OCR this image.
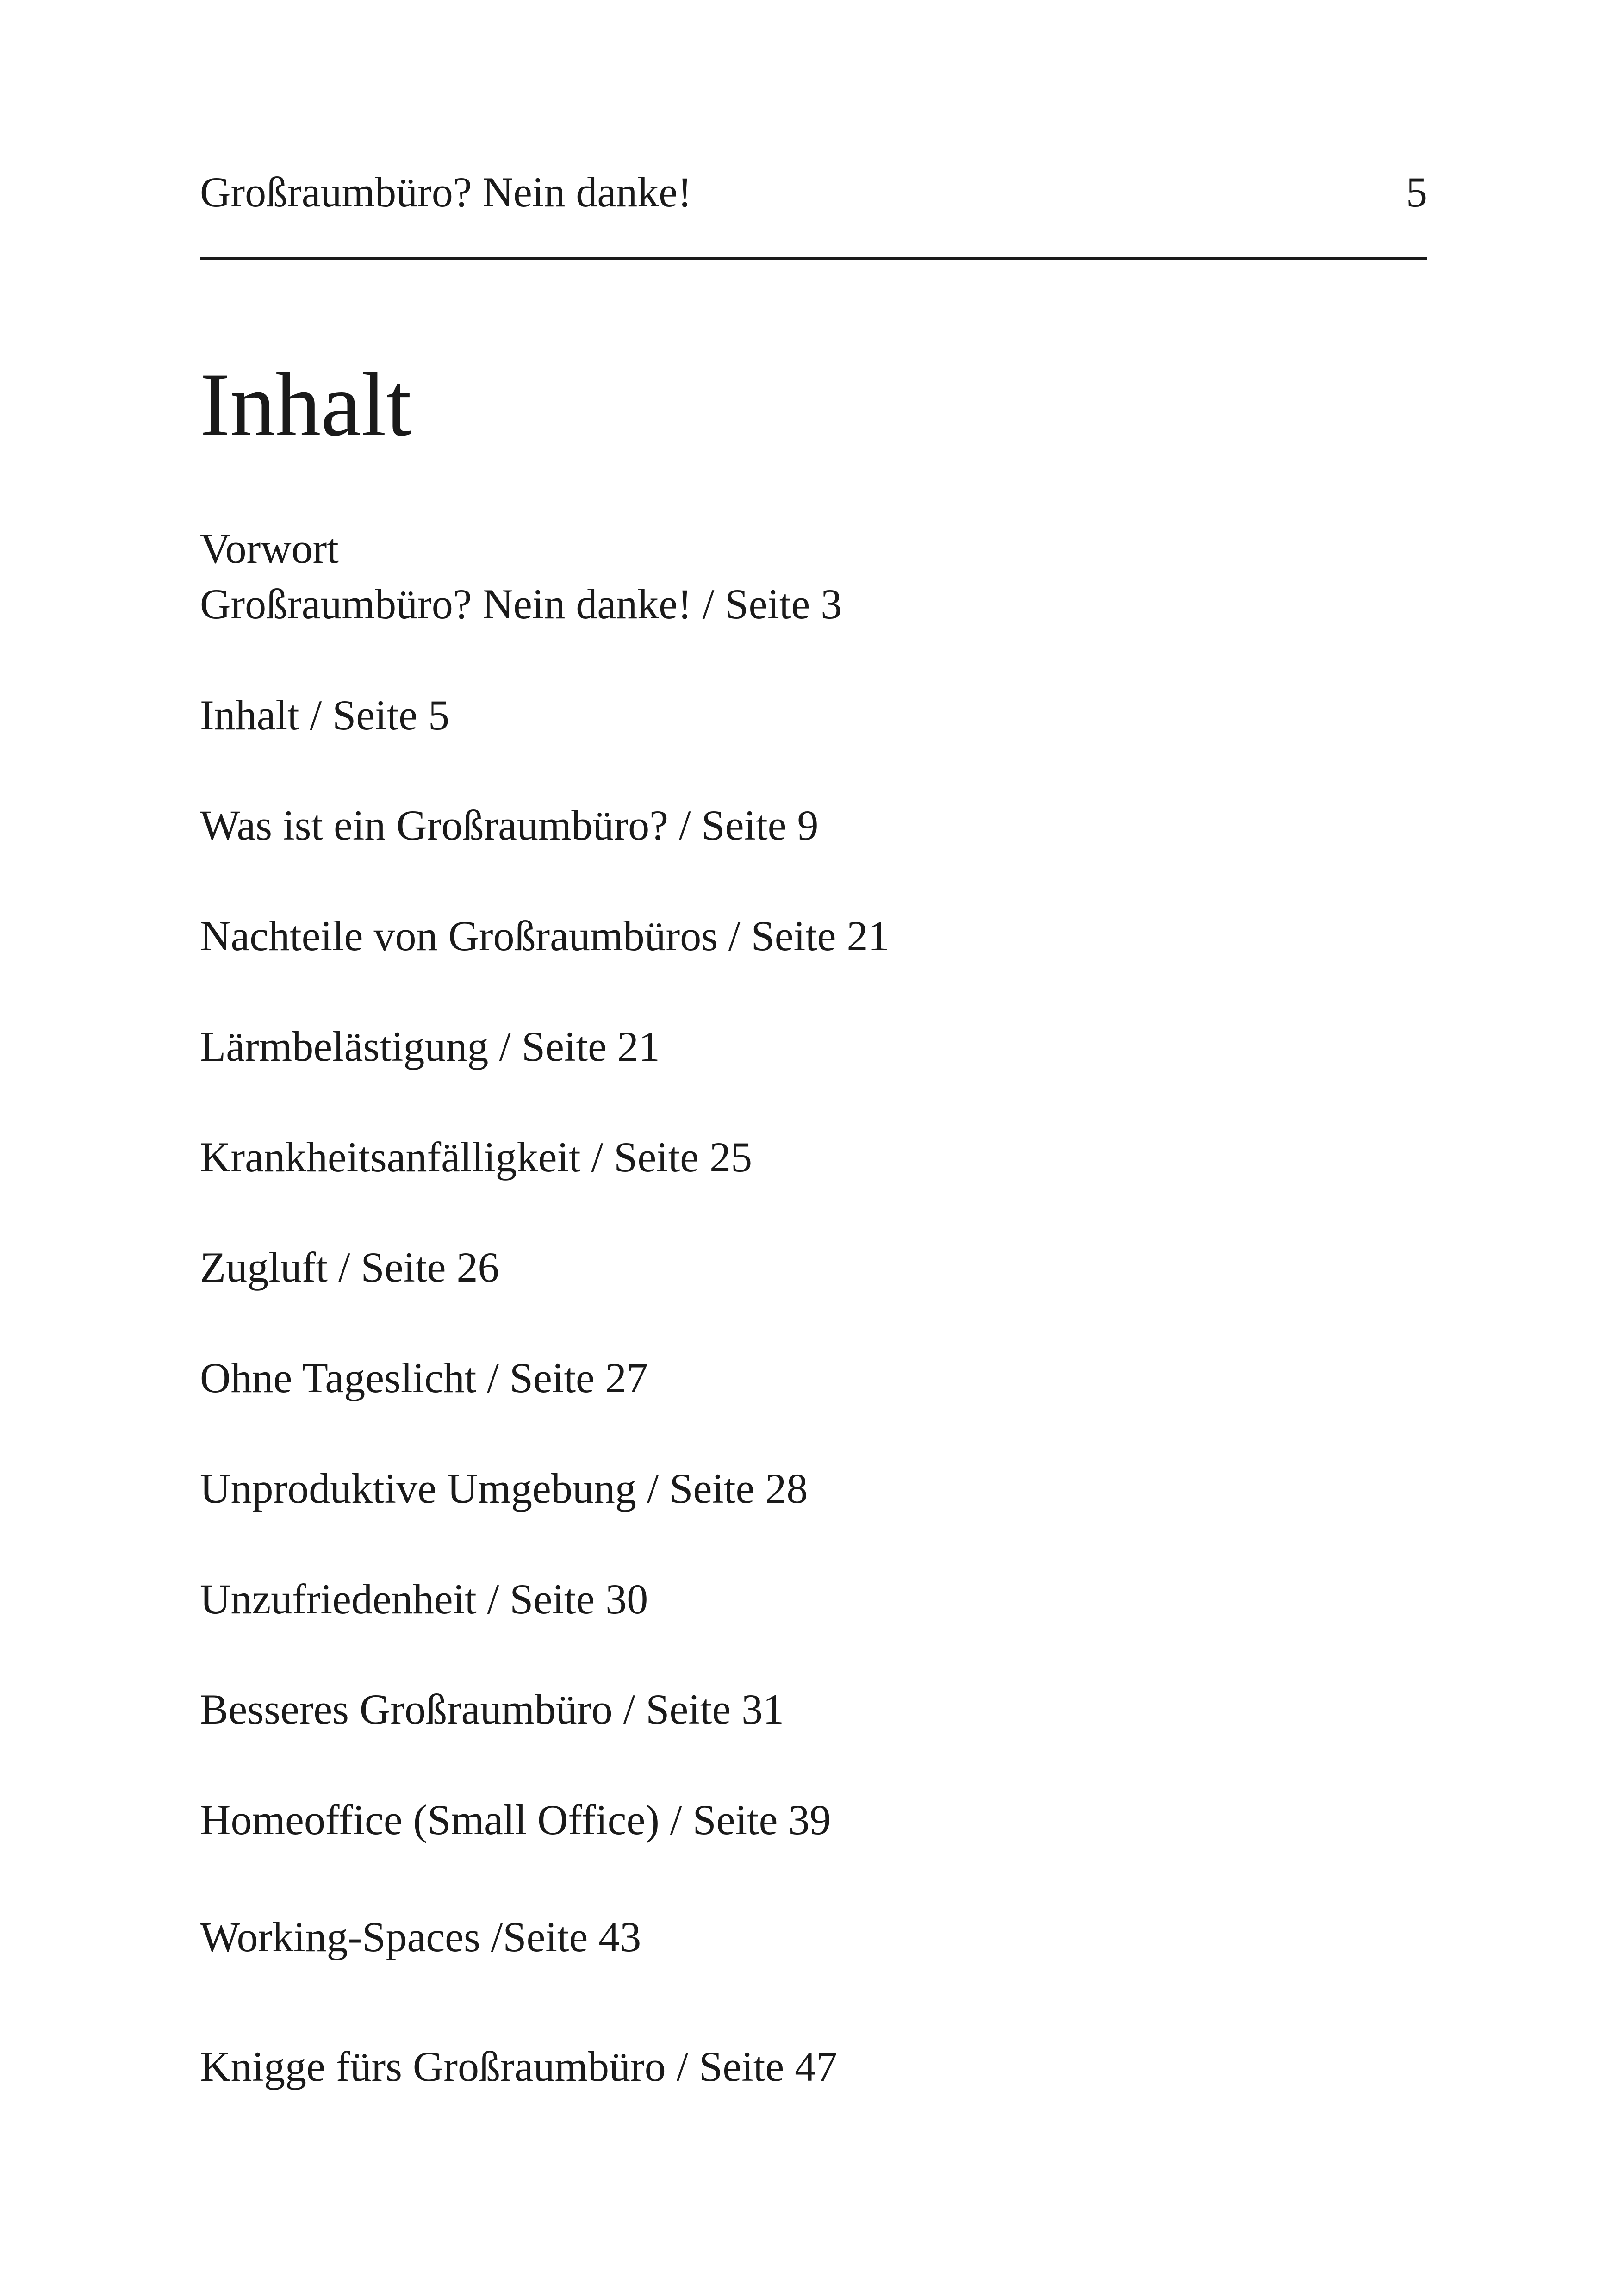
Großraumbüro? Nein danke!	5
Inhalt

Vorwort

Großraumbüro? Nein danke! / Seite 3

Inhalt / Seite 5

Was ist ein Großraumbüro? / Seite 9

Nachteile von Großraumbüros / Seite 21

Lärmbelästigung / Seite 21

Krankheitsanfälligkeit / Seite 25

Zugluft / Seite 26

Ohne Tageslicht / Seite 27

Unproduktive Umgebung / Seite 28

Unzufriedenheit / Seite 30

Besseres Großraumbüro / Seite 31

Homeoffice (Small Office) / Seite 39

Working-Spaces /Seite 43

Knigge fürs Großraumbüro / Seite 47
